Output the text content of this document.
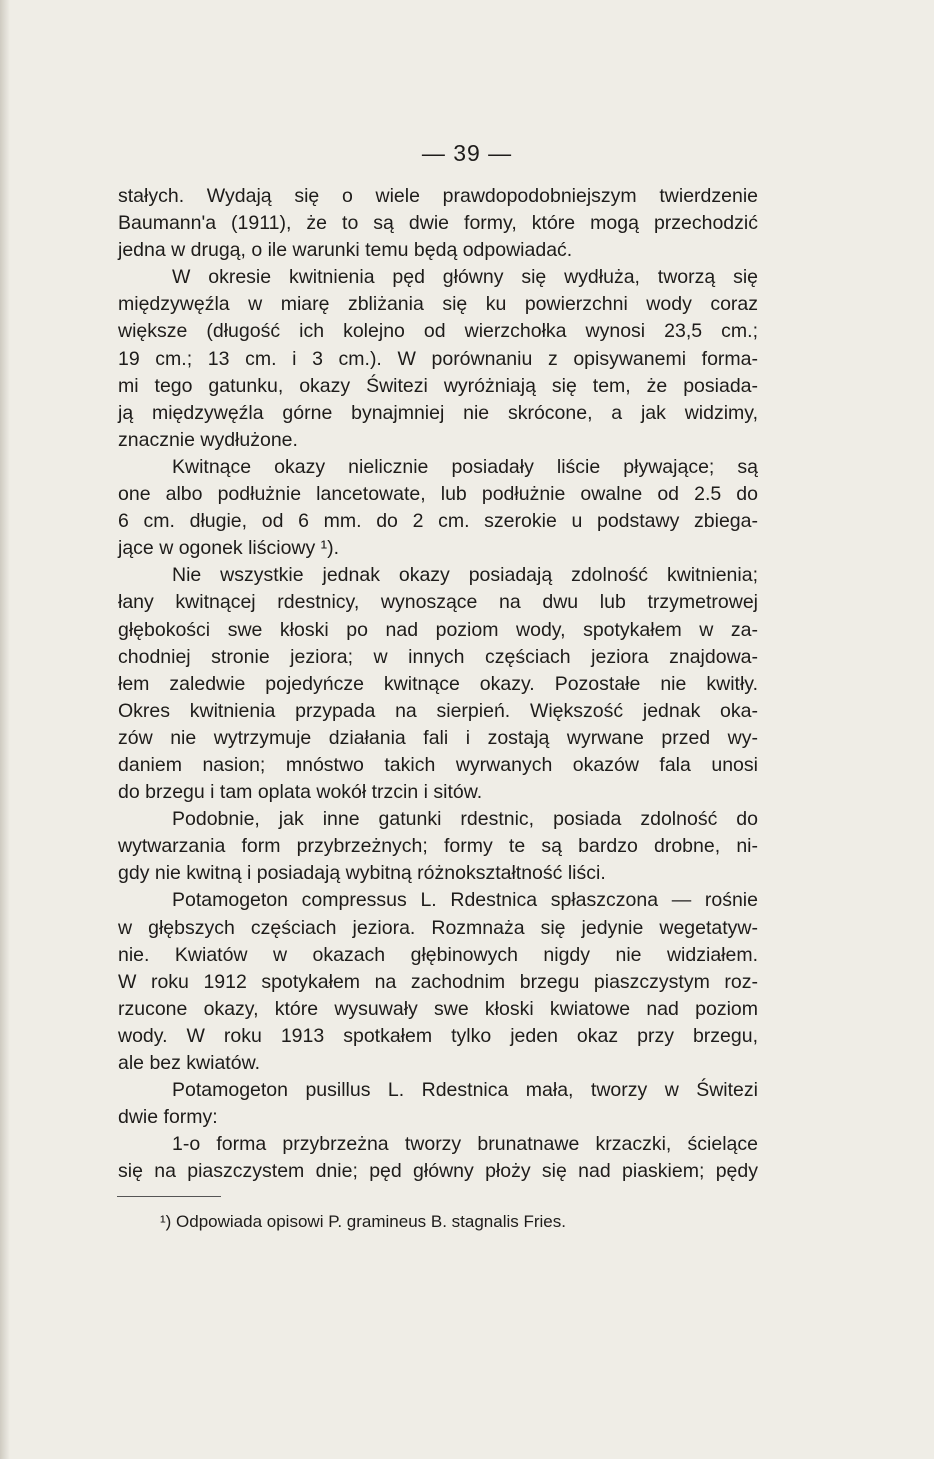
— 39 —
stałych. Wydają się o wiele prawdopodobniejszym twierdzenie
Baumann'a (1911), że to są dwie formy, które mogą przechodzić
jedna w drugą, o ile warunki temu będą odpowiadać.
W okresie kwitnienia pęd główny się wydłuża, tworzą się
międzywęźla w miarę zbliżania się ku powierzchni wody coraz
większe (długość ich kolejno od wierzchołka wynosi 23,5 cm.;
19 cm.; 13 cm. i 3 cm.). W porównaniu z opisywanemi forma-
mi tego gatunku, okazy Świtezi wyróżniają się tem, że posiada-
ją międzywęźla górne bynajmniej nie skrócone, a jak widzimy,
znacznie wydłużone.
Kwitnące okazy nielicznie posiadały liście pływające; są
one albo podłużnie lancetowate, lub podłużnie owalne od 2.5 do
6 cm. długie, od 6 mm. do 2 cm. szerokie u podstawy zbiega-
jące w ogonek liściowy ¹).
Nie wszystkie jednak okazy posiadają zdolność kwitnienia;
łany kwitnącej rdestnicy, wynoszące na dwu lub trzymetrowej
głębokości swe kłoski po nad poziom wody, spotykałem w za-
chodniej stronie jeziora; w innych częściach jeziora znajdowa-
łem zaledwie pojedyńcze kwitnące okazy. Pozostałe nie kwitły.
Okres kwitnienia przypada na sierpień. Większość jednak oka-
zów nie wytrzymuje działania fali i zostają wyrwane przed wy-
daniem nasion; mnóstwo takich wyrwanych okazów fala unosi
do brzegu i tam oplata wokół trzcin i sitów.
Podobnie, jak inne gatunki rdestnic, posiada zdolność do
wytwarzania form przybrzeżnych; formy te są bardzo drobne, ni-
gdy nie kwitną i posiadają wybitną różnokształtność liści.
Potamogeton compressus L. Rdestnica spłaszczona — rośnie
w głębszych częściach jeziora. Rozmnaża się jedynie wegetatyw-
nie. Kwiatów w okazach głębinowych nigdy nie widziałem.
W roku 1912 spotykałem na zachodnim brzegu piaszczystym roz-
rzucone okazy, które wysuwały swe kłoski kwiatowe nad poziom
wody. W roku 1913 spotkałem tylko jeden okaz przy brzegu,
ale bez kwiatów.
Potamogeton pusillus L. Rdestnica mała, tworzy w Świtezi
dwie formy:
1-o forma przybrzeżna tworzy brunatnawe krzaczki, ścielące
się na piaszczystem dnie; pęd główny płoży się nad piaskiem; pędy
¹) Odpowiada opisowi P. gramineus B. stagnalis Fries.
